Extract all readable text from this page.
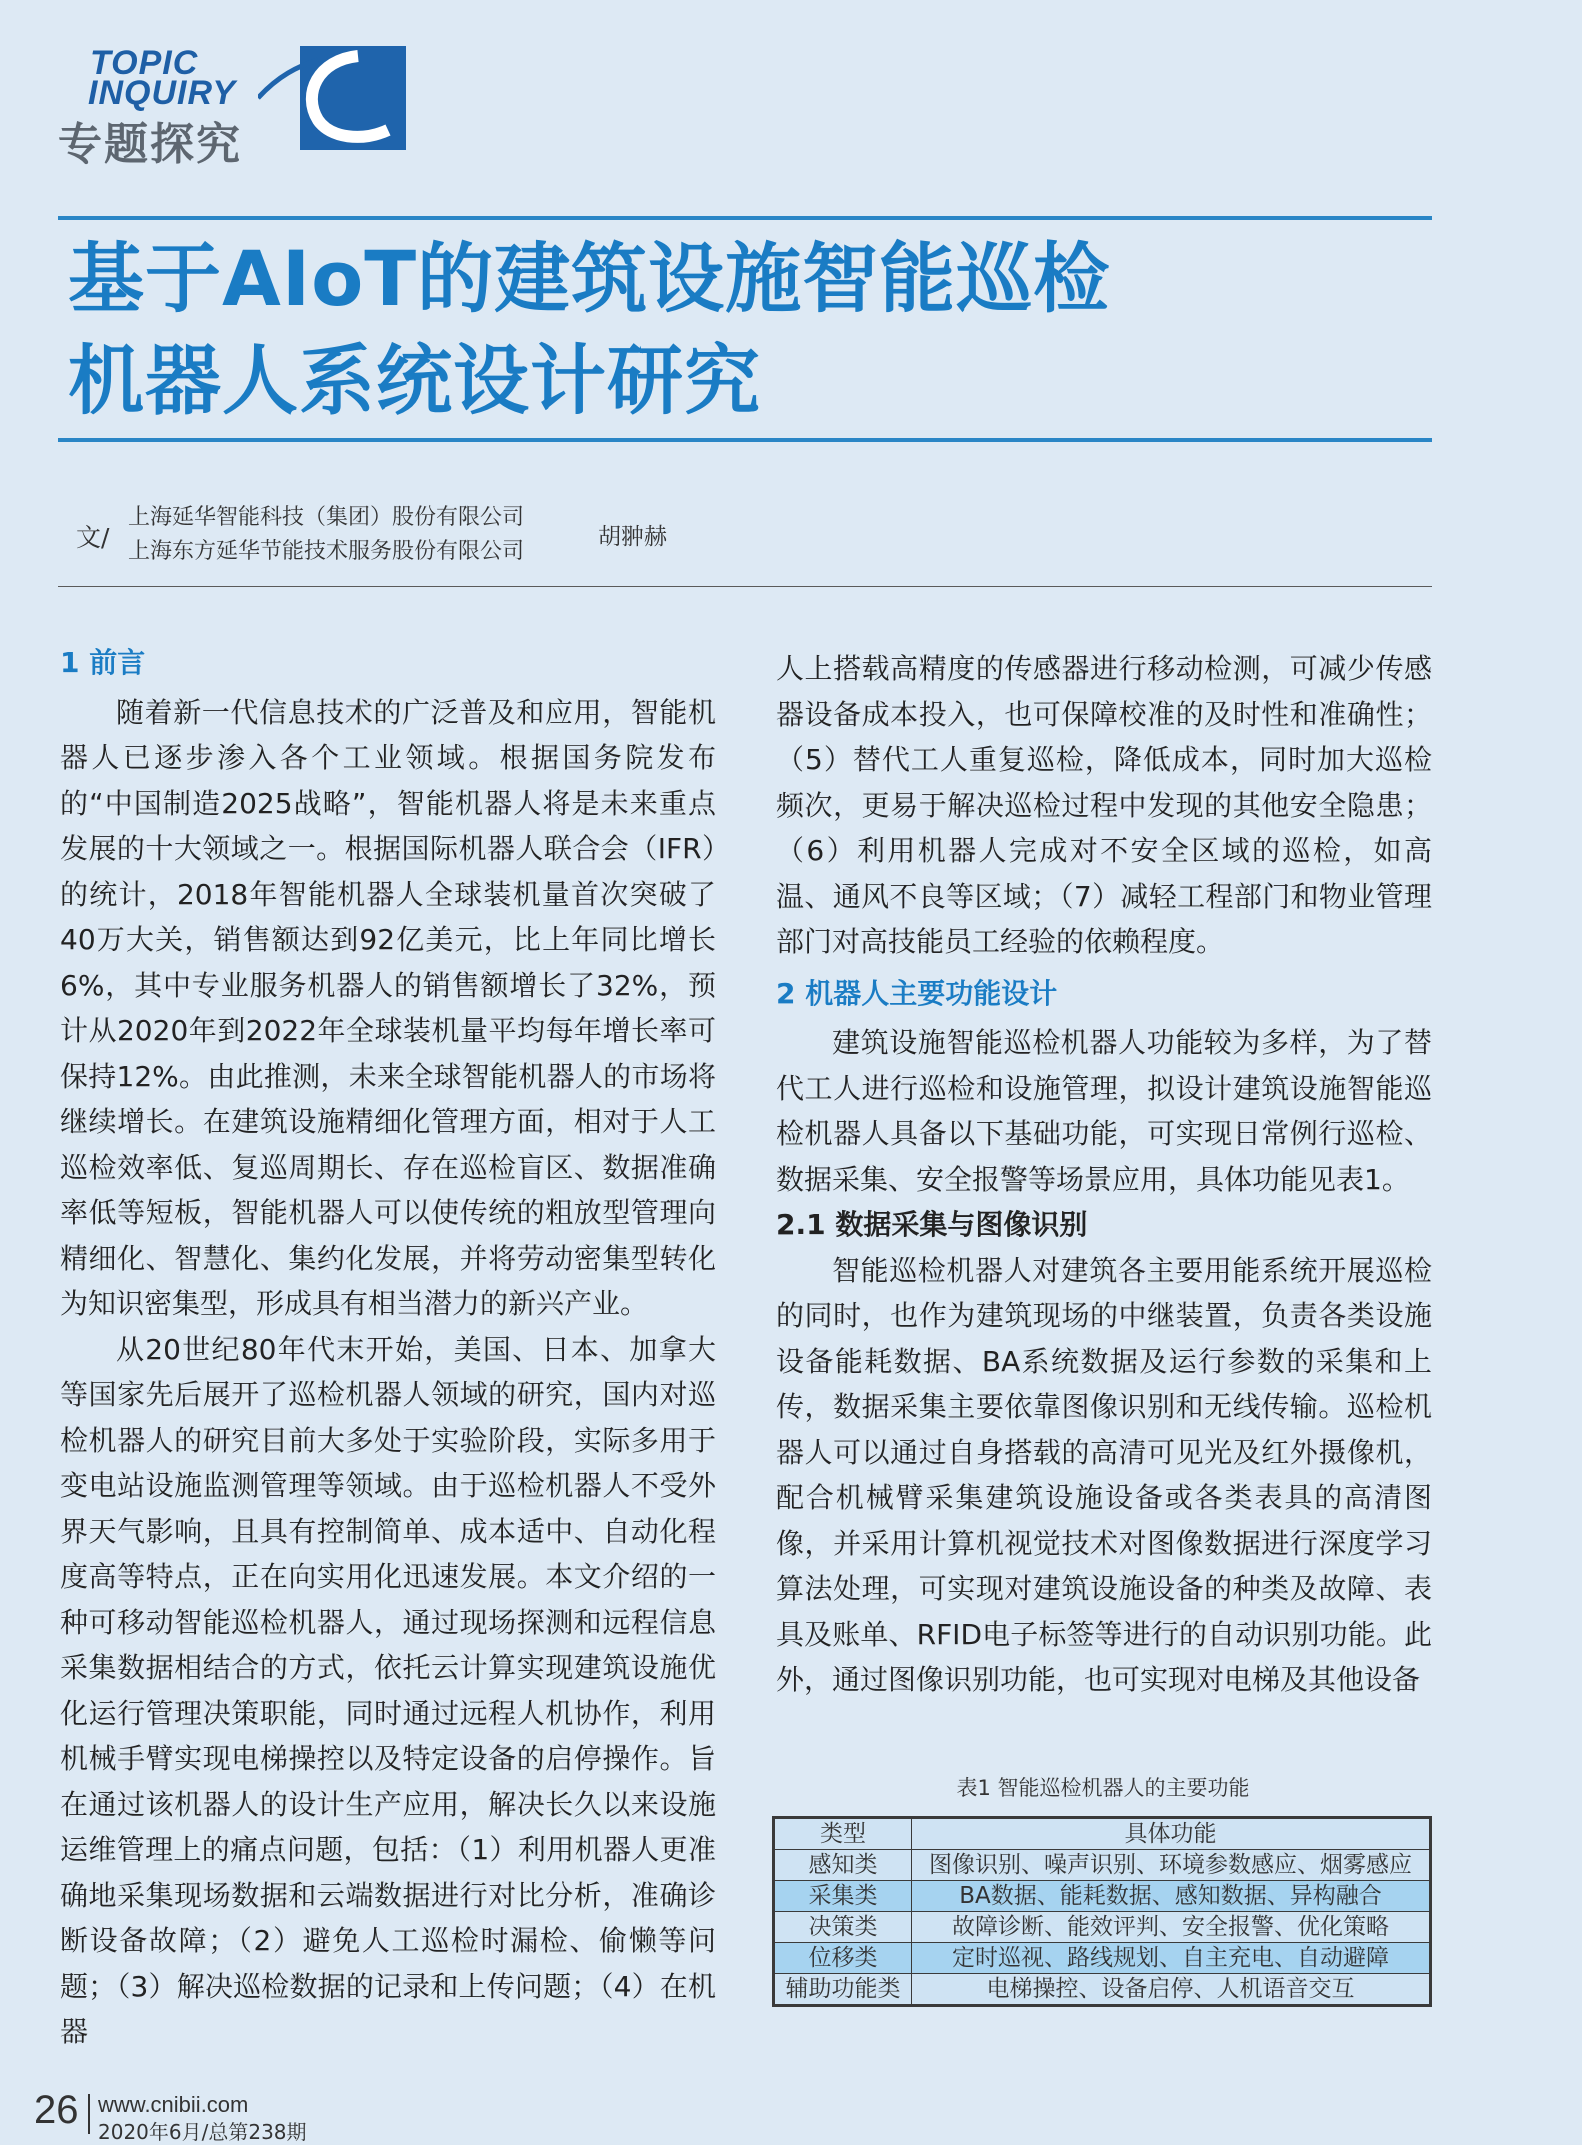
TOPIC
INQUIRY
专题探究
基于AIoT的建筑设施智能巡检
机器人系统设计研究
文/
上海延华智能科技（集团）股份有限公司
上海东方延华节能技术服务股份有限公司
胡翀赫

1 前言

随着新一代信息技术的广泛普及和应用，智能机器人已逐步渗入各个工业领域。根据国务院发布的“中国制造2025战略”，智能机器人将是未来重点发展的十大领域之一。根据国际机器人联合会（IFR）的统计，2018年智能机器人全球装机量首次突破了40万大关，销售额达到92亿美元，比上年同比增长6%，其中专业服务机器人的销售额增长了32%，预计从2020年到2022年全球装机量平均每年增长率可保持12%。由此推测，未来全球智能机器人的市场将继续增长。在建筑设施精细化管理方面，相对于人工巡检效率低、复巡周期长、存在巡检盲区、数据准确率低等短板，智能机器人可以使传统的粗放型管理向精细化、智慧化、集约化发展，并将劳动密集型转化为知识密集型，形成具有相当潜力的新兴产业。

从20世纪80年代末开始，美国、日本、加拿大等国家先后展开了巡检机器人领域的研究，国内对巡检机器人的研究目前大多处于实验阶段，实际多用于变电站设施监测管理等领域。由于巡检机器人不受外界天气影响，且具有控制简单、成本适中、自动化程度高等特点，正在向实用化迅速发展。本文介绍的一种可移动智能巡检机器人，通过现场探测和远程信息采集数据相结合的方式，依托云计算实现建筑设施优化运行管理决策职能，同时通过远程人机协作，利用机械手臂实现电梯操控以及特定设备的启停操作。旨在通过该机器人的设计生产应用，解决长久以来设施运维管理上的痛点问题，包括：（1）利用机器人更准确地采集现场数据和云端数据进行对比分析，准确诊断设备故障；（2）避免人工巡检时漏检、偷懒等问题；（3）解决巡检数据的记录和上传问题；（4）在机器

人上搭载高精度的传感器进行移动检测，可减少传感器设备成本投入，也可保障校准的及时性和准确性；（5）替代工人重复巡检，降低成本，同时加大巡检频次，更易于解决巡检过程中发现的其他安全隐患；（6）利用机器人完成对不安全区域的巡检，如高温、通风不良等区域；（7）减轻工程部门和物业管理部门对高技能员工经验的依赖程度。

2 机器人主要功能设计

建筑设施智能巡检机器人功能较为多样，为了替代工人进行巡检和设施管理，拟设计建筑设施智能巡检机器人具备以下基础功能，可实现日常例行巡检、数据采集、安全报警等场景应用，具体功能见表1。

2.1 数据采集与图像识别

智能巡检机器人对建筑各主要用能系统开展巡检的同时，也作为建筑现场的中继装置，负责各类设施设备能耗数据、BA系统数据及运行参数的采集和上传，数据采集主要依靠图像识别和无线传输。巡检机器人可以通过自身搭载的高清可见光及红外摄像机，配合机械臂采集建筑设施设备或各类表具的高清图像，并采用计算机视觉技术对图像数据进行深度学习算法处理，可实现对建筑设施设备的种类及故障、表具及账单、RFID电子标签等进行的自动识别功能。此外，通过图像识别功能，也可实现对电梯及其他设备

表1 智能巡检机器人的主要功能
类型	具体功能
感知类	图像识别、噪声识别、环境参数感应、烟雾感应
采集类	BA数据、能耗数据、感知数据、异构融合
决策类	故障诊断、能效评判、安全报警、优化策略
位移类	定时巡视、路线规划、自主充电、自动避障
辅助功能类	电梯操控、设备启停、人机语音交互
26 www.cnibii.com
2020年6月/总第238期
